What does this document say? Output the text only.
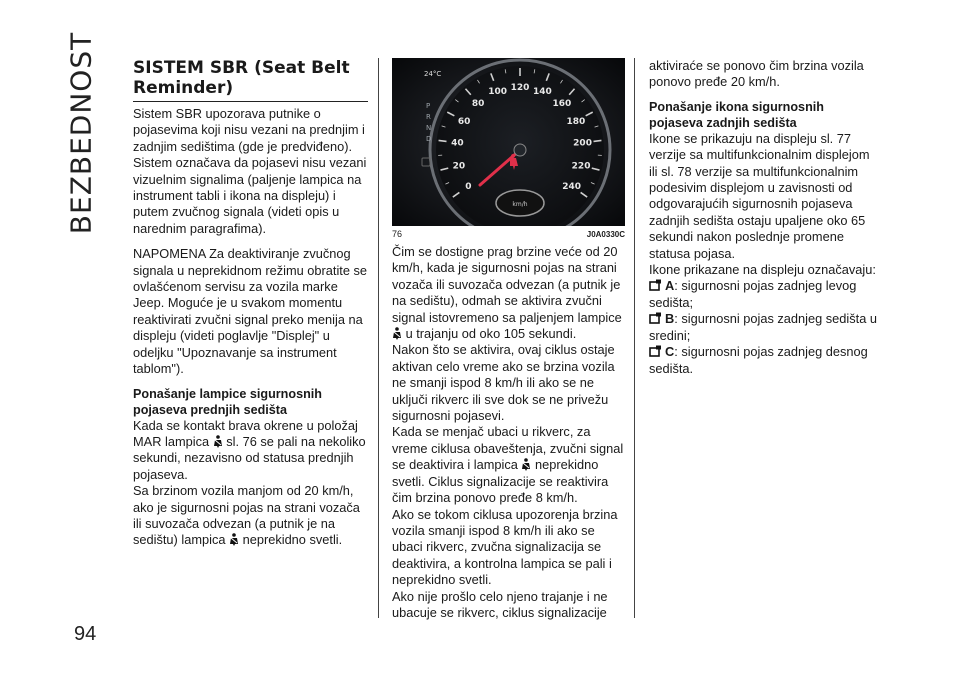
BEZBEDNOST
94
SISTEM SBR (Seat Belt Reminder)

Sistem SBR upozorava putnike o pojasevima koji nisu vezani na prednjim i zadnjim sedištima (gde je predviđeno). Sistem označava da pojasevi nisu vezani vizuelnim signalima (paljenje lampica na instrument tabli i ikona na displeju) i putem zvučnog signala (videti opis u narednim paragrafima).

NAPOMENA Za deaktiviranje zvučnog signala u neprekidnom režimu obratite se ovlašćenom servisu za vozila marke Jeep. Moguće je u svakom momentu reaktivirati zvučni signal preko menija na displeju (videti poglavlje "Displej" u odeljku "Upoznavanje sa instrument tablom").

Ponašanje lampice sigurnosnih pojaseva prednjih sedišta

Kada se kontakt brava okrene u položaj MAR lampica sl. 76 se pali na nekoliko sekundi, nezavisno od statusa prednjih pojaseva.

Sa brzinom vozila manjom od 20 km/h, ako je sigurnosni pojas na strani vozača ili suvozača odvezan (a putnik je na sedištu) lampica neprekidno svetli.

0
20
40
60
80
100 120 140
160
180
200
220
240
km/h
24°C
P
R
N
D
76	J0A0330C

Čim se dostigne prag brzine veće od 20 km/h, kada je sigurnosni pojas na strani vozača ili suvozača odvezan (a putnik je na sedištu), odmah se aktivira zvučni signal istovremeno sa paljenjem lampice  u trajanju od oko 105 sekundi.

Nakon što se aktivira, ovaj ciklus ostaje aktivan celo vreme ako se brzina vozila ne smanji ispod 8 km/h ili ako se ne uključi rikverc ili sve dok se ne privežu sigurnosni pojasevi.

Kada se menjač ubaci u rikverc, za vreme ciklusa obaveštenja, zvučni signal se deaktivira i lampica neprekidno svetli. Ciklus signalizacije se reaktivira čim brzina ponovo pređe 8 km/h.

Ako se tokom ciklusa upozorenja brzina vozila smanji ispod 8 km/h ili ako se ubaci rikverc, zvučna signalizacija se deaktivira, a kontrolna lampica se pali i neprekidno svetli.

Ako nije prošlo celo njeno trajanje i ne ubacuje se rikverc, ciklus signalizacije

aktiviraće se ponovo čim brzina vozila ponovo pređe 20 km/h.

Ponašanje ikona sigurnosnih pojaseva zadnjih sedišta

Ikone se prikazuju na displeju sl. 77 verzije sa multifunkcionalnim displejom ili sl. 78 verzije sa multifunkcionalnim podesivim displejom u zavisnosti od odgovarajućih sigurnosnih pojaseva zadnjih sedišta ostaju upaljene oko 65 sekundi nakon poslednje promene statusa pojasa.

Ikone prikazane na displeju označavaju:

A: sigurnosni pojas zadnjeg levog sedišta;

B: sigurnosni pojas zadnjeg sedišta u sredini;

C: sigurnosni pojas zadnjeg desnog sedišta.
